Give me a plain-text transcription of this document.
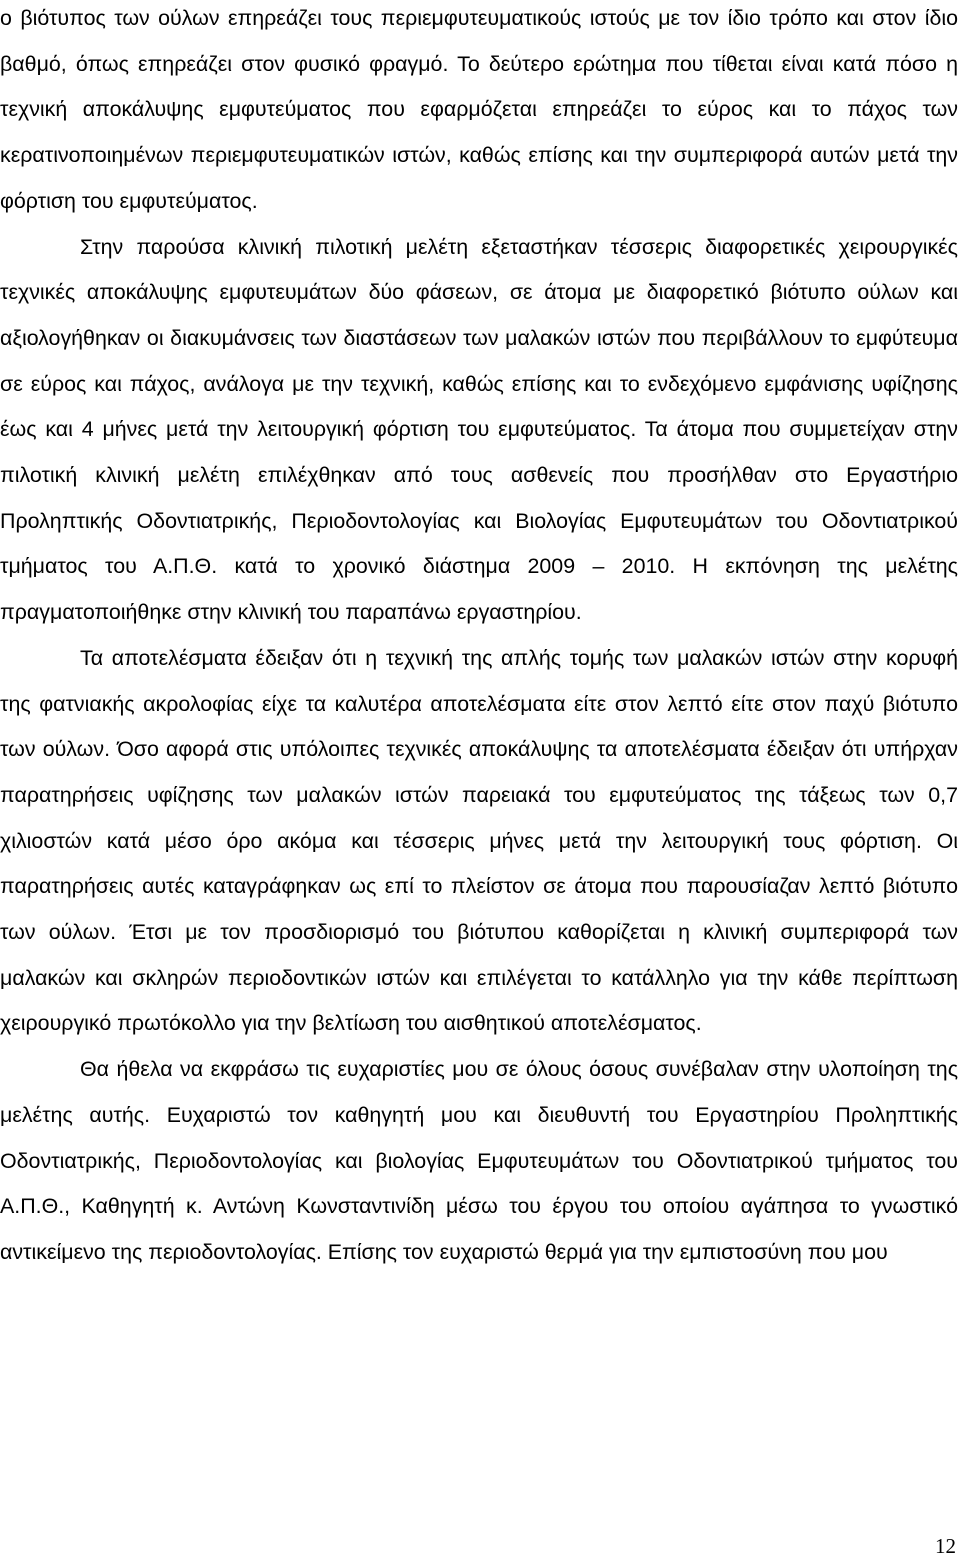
ο βιότυπος των ούλων επηρεάζει τους περιεμφυτευματικούς ιστούς με τον ίδιο τρόπο και στον ίδιο βαθμό, όπως επηρεάζει στον φυσικό φραγμό. Το δεύτερο ερώτημα που τίθεται είναι κατά πόσο η τεχνική αποκάλυψης εμφυτεύματος που εφαρμόζεται επηρεάζει το εύρος και το πάχος των κερατινοποιημένων περιεμφυτευματικών ιστών, καθώς επίσης και την συμπεριφορά αυτών μετά την φόρτιση του εμφυτεύματος.

Στην παρούσα κλινική πιλοτική μελέτη εξεταστήκαν τέσσερις διαφορετικές χειρουργικές τεχνικές αποκάλυψης εμφυτευμάτων δύο φάσεων, σε άτομα με διαφορετικό βιότυπο ούλων και αξιολογήθηκαν οι διακυμάνσεις των διαστάσεων των μαλακών ιστών που περιβάλλουν το εμφύτευμα σε εύρος και πάχος, ανάλογα με την τεχνική, καθώς επίσης και το ενδεχόμενο εμφάνισης υφίζησης έως και 4 μήνες μετά την λειτουργική φόρτιση του εμφυτεύματος. Τα άτομα που συμμετείχαν στην πιλοτική κλινική μελέτη επιλέχθηκαν από τους ασθενείς που προσήλθαν στο Εργαστήριο Προληπτικής Οδοντιατρικής, Περιοδοντολογίας και Βιολογίας Εμφυτευμάτων του Οδοντιατρικού τμήματος του Α.Π.Θ. κατά το χρονικό διάστημα 2009 – 2010. Η εκπόνηση της μελέτης πραγματοποιήθηκε στην κλινική του παραπάνω εργαστηρίου.

Τα αποτελέσματα έδειξαν ότι η τεχνική της απλής τομής των μαλακών ιστών στην κορυφή της φατνιακής ακρολοφίας είχε τα καλυτέρα αποτελέσματα είτε στον λεπτό είτε στον παχύ βιότυπο των ούλων. Όσο αφορά στις υπόλοιπες τεχνικές αποκάλυψης τα αποτελέσματα έδειξαν ότι υπήρχαν παρατηρήσεις υφίζησης των μαλακών ιστών παρειακά του εμφυτεύματος της τάξεως των 0,7 χιλιοστών κατά μέσο όρο ακόμα και τέσσερις μήνες μετά την λειτουργική τους φόρτιση. Οι παρατηρήσεις αυτές καταγράφηκαν ως επί το πλείστον σε άτομα που παρουσίαζαν λεπτό βιότυπο των ούλων. Έτσι με τον προσδιορισμό του βιότυπου καθορίζεται η κλινική συμπεριφορά των μαλακών και σκληρών περιοδοντικών ιστών και επιλέγεται το κατάλληλο για την κάθε περίπτωση χειρουργικό πρωτόκολλο για την βελτίωση του αισθητικού αποτελέσματος.

Θα ήθελα να εκφράσω τις ευχαριστίες μου σε όλους όσους συνέβαλαν στην υλοποίηση της μελέτης αυτής. Ευχαριστώ τον καθηγητή μου και διευθυντή του Εργαστηρίου Προληπτικής Οδοντιατρικής, Περιοδοντολογίας και βιολογίας Εμφυτευμάτων του Οδοντιατρικού τμήματος του Α.Π.Θ., Καθηγητή κ. Αντώνη Κωνσταντινίδη μέσω του έργου του οποίου αγάπησα το γνωστικό αντικείμενο της περιοδοντολογίας. Επίσης τον ευχαριστώ θερμά για την εμπιστοσύνη που μου

12
